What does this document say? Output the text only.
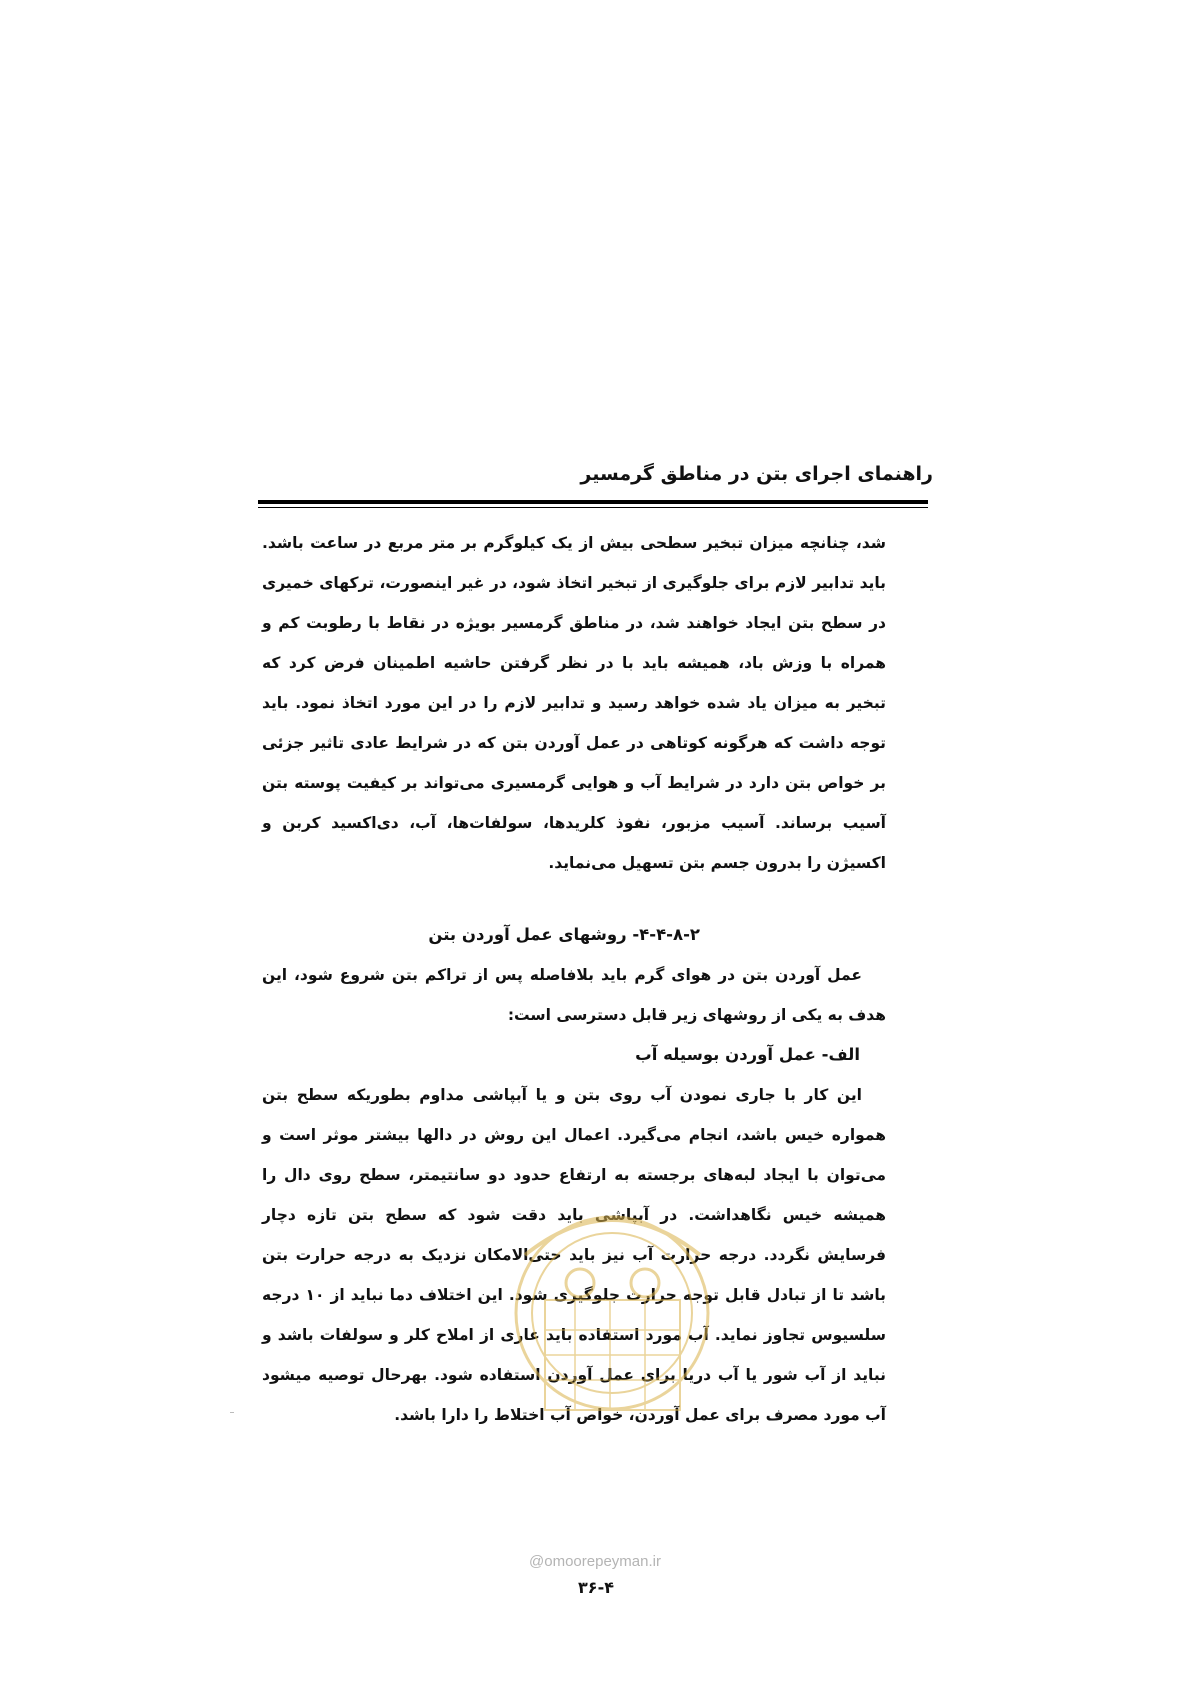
راهنمای اجرای بتن در مناطق گرمسیر

شد، چنانچه میزان تبخیر سطحی بیش از یک کیلوگرم بر متر مربع در ساعت باشد. باید تدابیر لازم برای جلوگیری از تبخیر اتخاذ شود، در غیر اینصورت، ترکهای خمیری در سطح بتن ایجاد خواهند شد، در مناطق گرمسیر بویژه در نقاط با رطوبت کم و همراه با وزش باد، همیشه باید با در نظر گرفتن حاشیه اطمینان فرض کرد که تبخیر به میزان یاد شده خواهد رسید و تدابیر لازم را در این مورد اتخاذ نمود. باید توجه داشت که هرگونه کوتاهی در عمل آوردن بتن که در شرایط عادی تاثیر جزئی بر خواص بتن دارد در شرایط آب و هوایی گرمسیری می‌تواند بر کیفیت پوسته بتن آسیب برساند. آسیب مزبور، نفوذ کلریدها، سولفات‌ها، آب، دی‌اکسید کربن و اکسیژن را بدرون جسم بتن تسهیل می‌نماید.

۴-۴-۸-۲- روشهای عمل آوردن بتن

عمل آوردن بتن در هوای گرم باید بلافاصله پس از تراکم بتن شروع شود، این هدف به یکی از روشهای زیر قابل دسترسی است:

الف- عمل آوردن بوسیله آب

این کار با جاری نمودن آب روی بتن و یا آبپاشی مداوم بطوریکه سطح بتن همواره خیس باشد، انجام می‌گیرد. اعمال این روش در دالها بیشتر موثر است و می‌توان با ایجاد لبه‌های برجسته به ارتفاع حدود دو سانتیمتر، سطح روی دال را همیشه خیس نگاهداشت. در آبپاشی باید دقت شود که سطح بتن تازه دچار فرسایش نگردد. درجه حرارت آب نیز باید حتی‌الامکان نزدیک به درجه حرارت بتن باشد تا از تبادل قابل توجه حرارت جلوگیری شود. این اختلاف دما نباید از ۱۰ درجه سلسیوس تجاوز نماید. آب مورد استفاده باید عاری از املاح کلر و سولفات باشد و نباید از آب شور یا آب دریا برای عمل آوردن استفاده شود. بهرحال توصیه میشود آب مورد مصرف برای عمل آوردن، خواص آب اختلاط را دارا باشد.

@omoorepeyman.ir
۳۶-۴
